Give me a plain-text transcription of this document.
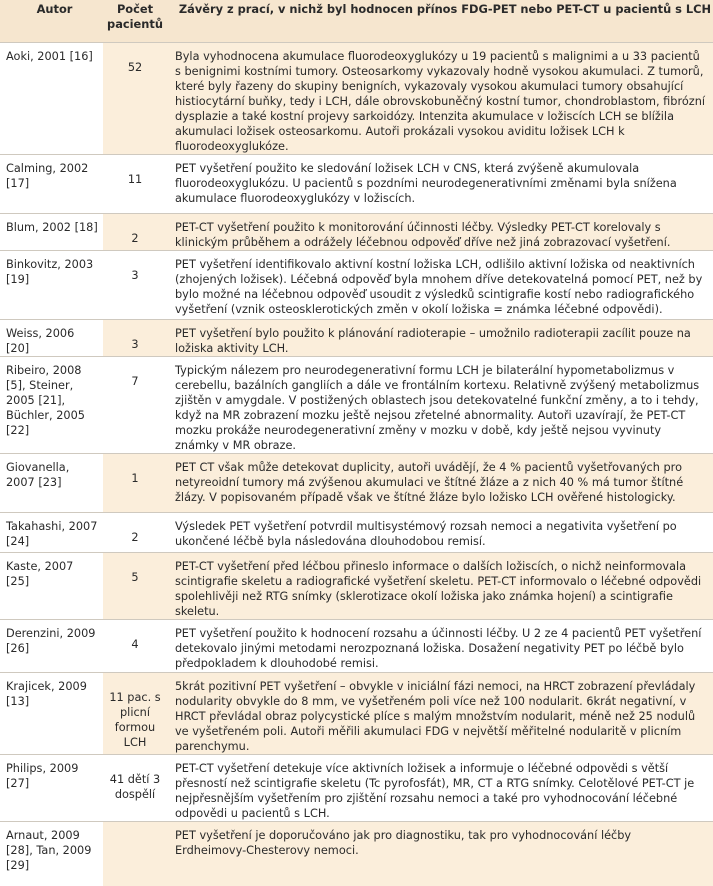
Autor	Počet pacientů	Závěry z prací, v nichž byl hodnocen přínos FDG-PET nebo PET-CT u pacientů s LCH

Aoki, 2001 [16]	52	Byla vyhodnocena akumulace fluorodeoxyglukózy u 19 pacientů s malignimi a u 33 pacientů s benignimi kostními tumory. Osteosarkomy vykazovaly hodně vysokou akumulaci. Z tumorů, které byly řazeny do skupiny benigních, vykazovaly vysokou akumulaci tumory obsahující histiocytární buňky, tedy i LCH, dále obrovskobuněčný kostní tumor, chondroblastom, fibrózní dysplazie a také kostní projevy sarkoidózy. Intenzita akumulace v ložiscích LCH se blížila akumulaci ložisek osteosarkomu. Autoři prokázali vysokou aviditu ložisek LCH k fluorodeoxyglukóze.
Calming, 2002 [17]	11	PET vyšetření použito ke sledování ložisek LCH v CNS, která zvýšeně akumulovala fluorodeoxyglukózu. U pacientů s pozdními neurodegenerativními změnami byla snížena akumulace fluorodeoxyglukózy v ložiscích.
Blum, 2002 [18]	2	PET-CT vyšetření použito k monitorování účinnosti léčby. Výsledky PET-CT korelovaly s klinickým průběhem a odrážely léčebnou odpověď dříve než jiná zobrazovací vyšetření.
Binkovitz, 2003 [19]	3	PET vyšetření identifikovalo aktivní kostní ložiska LCH, odlišilo aktivní ložiska od neaktivních (zhojených ložisek). Léčebná odpověď byla mnohem dříve detekovatelná pomocí PET, než by bylo možné na léčebnou odpověď usoudit z výsledků scintigrafie kostí nebo radiografického vyšetření (vznik osteosklerotických změn v okolí ložiska = známka léčebné odpovědi).
Weiss, 2006 [20]	3	PET vyšetření bylo použito k plánování radioterapie – umožnilo radioterapii zacílit pouze na ložiska aktivity LCH.
Ribeiro, 2008 [5], Steiner, 2005 [21], Büchler, 2005 [22]	7	Typickým nálezem pro neurodegenerativní formu LCH je bilaterální hypometabolizmus v cerebellu, bazálních gangliích a dále ve frontálním kortexu. Relativně zvýšený metabolizmus zjištěn v amygdale. V postižených oblastech jsou detekovatelné funkční změny, a to i tehdy, když na MR zobrazení mozku ještě nejsou zřetelné abnormality. Autoři uzavírají, že PET-CT mozku prokáže neurodegenerativní změny v mozku v době, kdy ještě nejsou vyvinuty známky v MR obraze.
Giovanella, 2007 [23]	1	PET CT však může detekovat duplicity, autoři uvádějí, že 4 % pacientů vyšetřovaných pro netyreoidní tumory má zvýšenou akumulaci ve štítné žláze a z nich 40 % má tumor štítné žlázy. V popisovaném případě však ve štítné žláze bylo ložisko LCH ověřené histologicky.
Takahashi, 2007 [24]	2	Výsledek PET vyšetření potvrdil multisystémový rozsah nemoci a negativita vyšetření po ukončené léčbě byla následována dlouhodobou remisí.
Kaste, 2007 [25]	5	PET-CT vyšetření před léčbou přineslo informace o dalších ložiscích, o nichž neinformovala scintigrafie skeletu a radiografické vyšetření skeletu. PET-CT informovalo o léčebné odpovědi spolehlivěji než RTG snímky (sklerotizace okolí ložiska jako známka hojení) a scintigrafie skeletu.
Derenzini, 2009 [26]	4	PET vyšetření použito k hodnocení rozsahu a účinnosti léčby. U 2 ze 4 pacientů PET vyšetření detekovalo jinými metodami nerozpoznaná ložiska. Dosažení negativity PET po léčbě bylo předpokladem k dlouhodobé remisi.
Krajicek, 2009 [13]	11 pac. s plicní formou LCH	5krát pozitivní PET vyšetření – obvykle v iniciální fázi nemoci, na HRCT zobrazení převládaly nodularity obvykle do 8 mm, ve vyšetřeném poli více než 100 nodularit. 6krát negativní, v HRCT převládal obraz polycystické plíce s malým množstvím nodularit, méně než 25 nodulů ve vyšetřeném poli. Autoři měřili akumulaci FDG v největší měřitelné nodularitě v plicním parenchymu.
Philips, 2009 [27]	41 dětí 3 dospělí	PET-CT vyšetření detekuje více aktivních ložisek a informuje o léčebné odpovědi s větší přesností než scintigrafie skeletu (Tc pyrofosfát), MR, CT a RTG snímky. Celotělové PET-CT je nejpřesnějším vyšetřením pro zjištění rozsahu nemoci a také pro vyhodnocování léčebné odpovědi u pacientů s LCH.
Arnaut, 2009 [28], Tan, 2009 [29]		PET vyšetření je doporučováno jak pro diagnostiku, tak pro vyhodnocování léčby Erdheimovy-Chesterovy nemoci.
